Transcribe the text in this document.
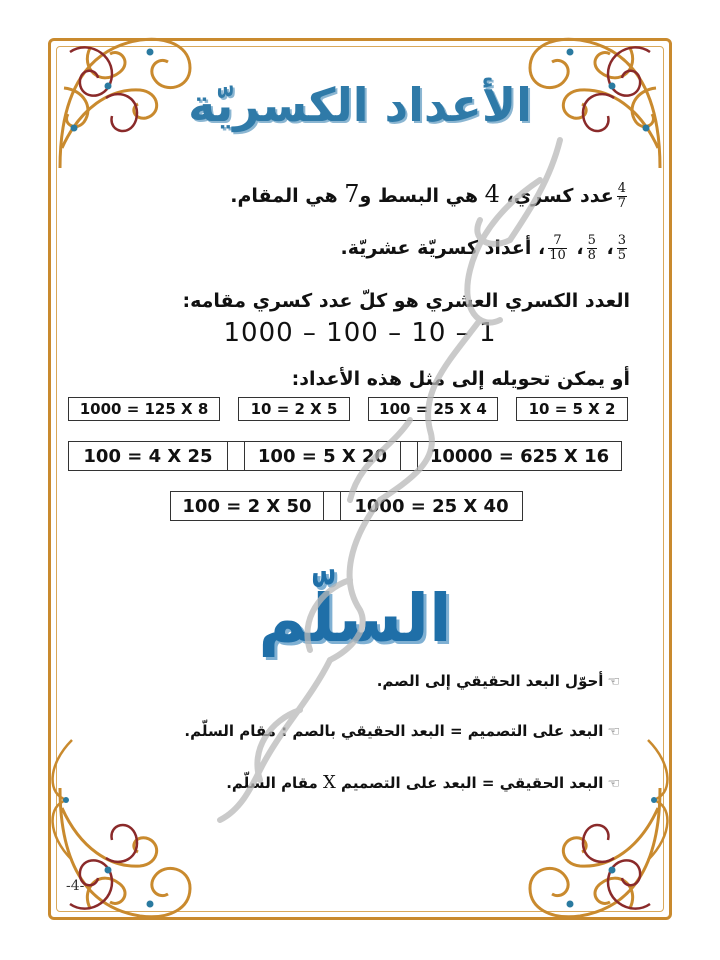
الأعداد الكسريّة
$\frac{4}{7}$
عدد كسري، 4 هي البسط و7 هي المقام.
$\frac{3}{5}$
،
$\frac{5}{8}$
،
$\frac{7}{10}$
، أعداد كسريّة عشريّة.
العدد الكسري العشري هو كلّ عدد كسري مقامه:
1000 – 100 – 10 – 1
أو يمكن تحويله إلى مثل هذه الأعداد:
1000 = 125 X 8	10 = 2 X 5	100 = 25 X 4	10 = 5 X 2
100 = 4 X 25	100 = 5 X 20	10000 = 625 X 16
100 = 2 X 50	1000 = 25 X 40
السلّم
☜أحوّل البعد الحقيقي إلى الصم.
☜البعد على التصميم = البعد الحقيقي بالصم : مقام السلّم.
☜البعد الحقيقي = البعد على التصميم X مقام السلّم.
-4-
